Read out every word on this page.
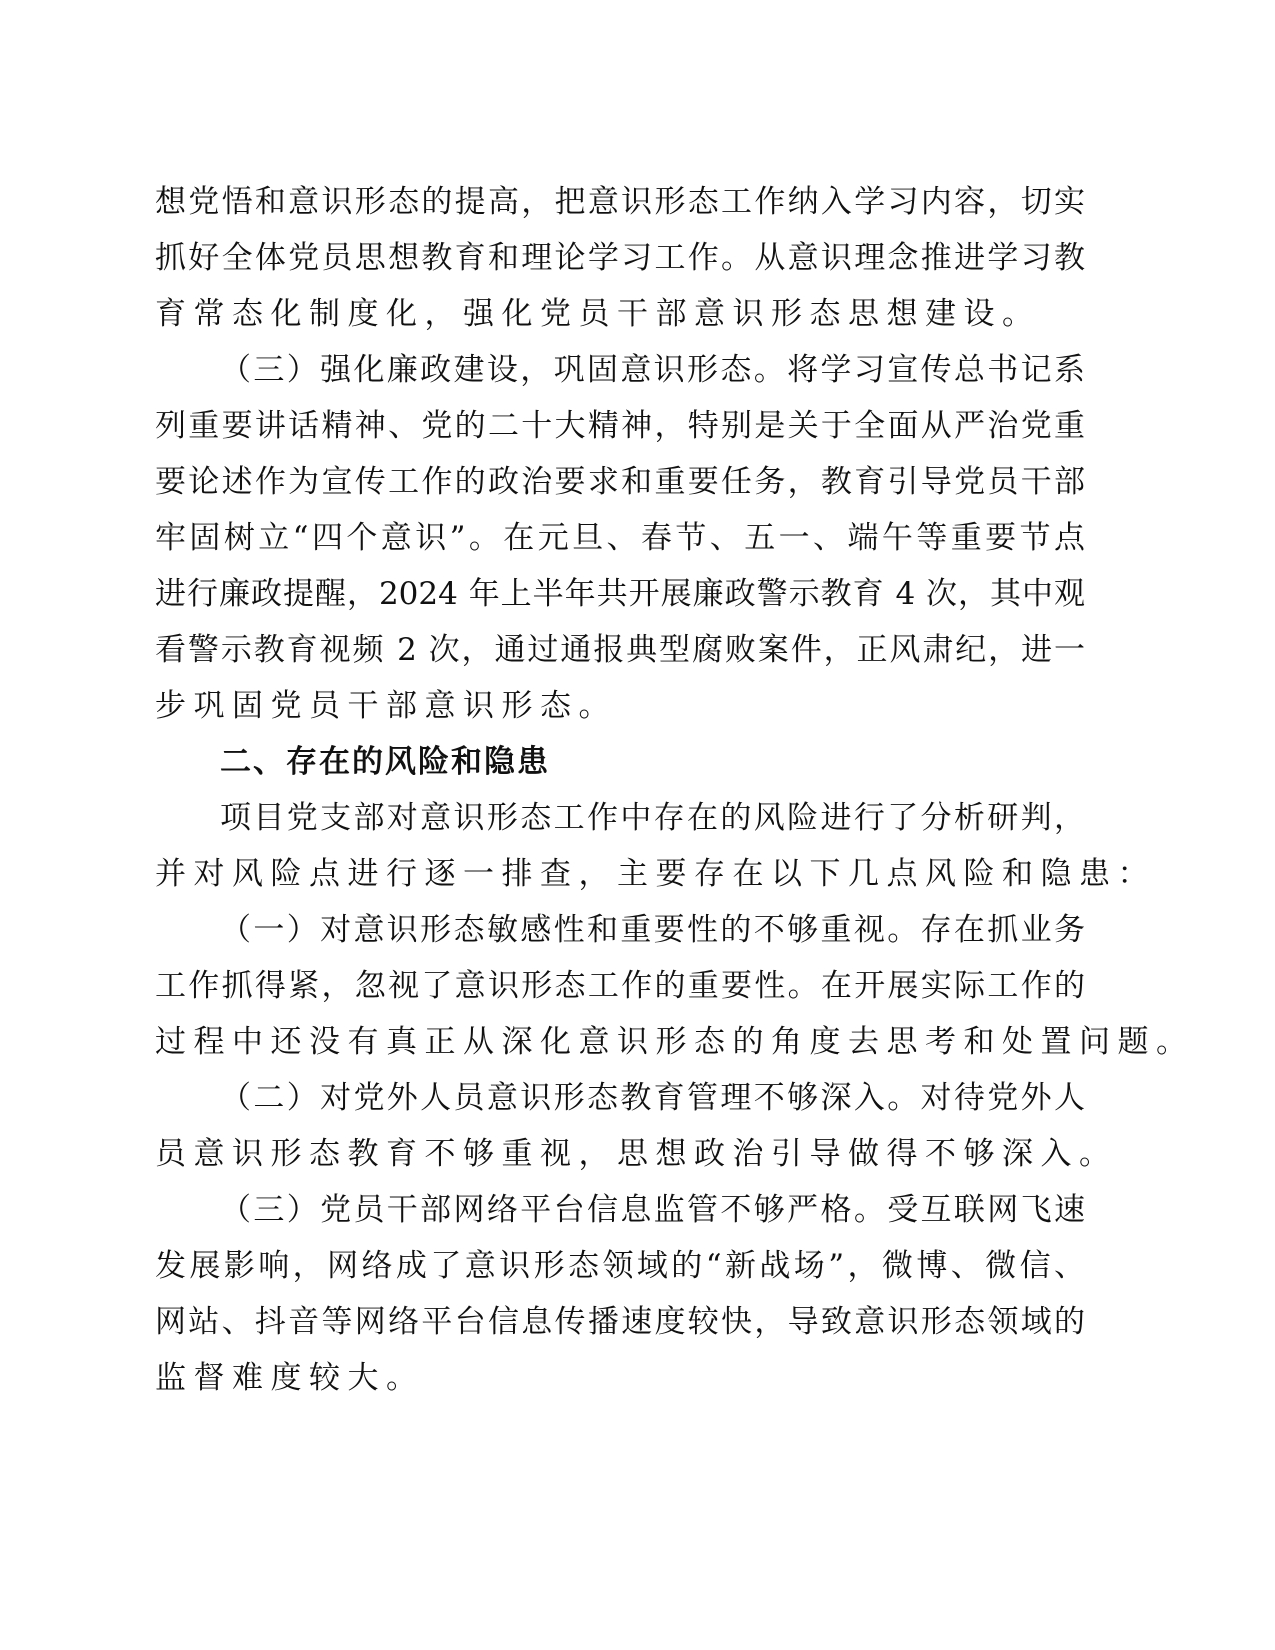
想党悟和意识形态的提高，把意识形态工作纳入学习内容，切实
抓好全体党员思想教育和理论学习工作。从意识理念推进学习教
育常态化制度化，强化党员干部意识形态思想建设。
（三）强化廉政建设，巩固意识形态。将学习宣传总书记系
列重要讲话精神、党的二十大精神，特别是关于全面从严治党重
要论述作为宣传工作的政治要求和重要任务，教育引导党员干部
牢固树立“四个意识”。在元旦、春节、五一、端午等重要节点
进行廉政提醒，2024 年上半年共开展廉政警示教育 4 次，其中观
看警示教育视频 2 次，通过通报典型腐败案件，正风肃纪，进一
步巩固党员干部意识形态。
二、存在的风险和隐患
项目党支部对意识形态工作中存在的风险进行了分析研判，
并对风险点进行逐一排查，主要存在以下几点风险和隐患：
（一）对意识形态敏感性和重要性的不够重视。存在抓业务
工作抓得紧，忽视了意识形态工作的重要性。在开展实际工作的
过程中还没有真正从深化意识形态的角度去思考和处置问题。
（二）对党外人员意识形态教育管理不够深入。对待党外人
员意识形态教育不够重视，思想政治引导做得不够深入。
（三）党员干部网络平台信息监管不够严格。受互联网飞速
发展影响，网络成了意识形态领域的“新战场”，微博、微信、
网站、抖音等网络平台信息传播速度较快，导致意识形态领域的
监督难度较大。
